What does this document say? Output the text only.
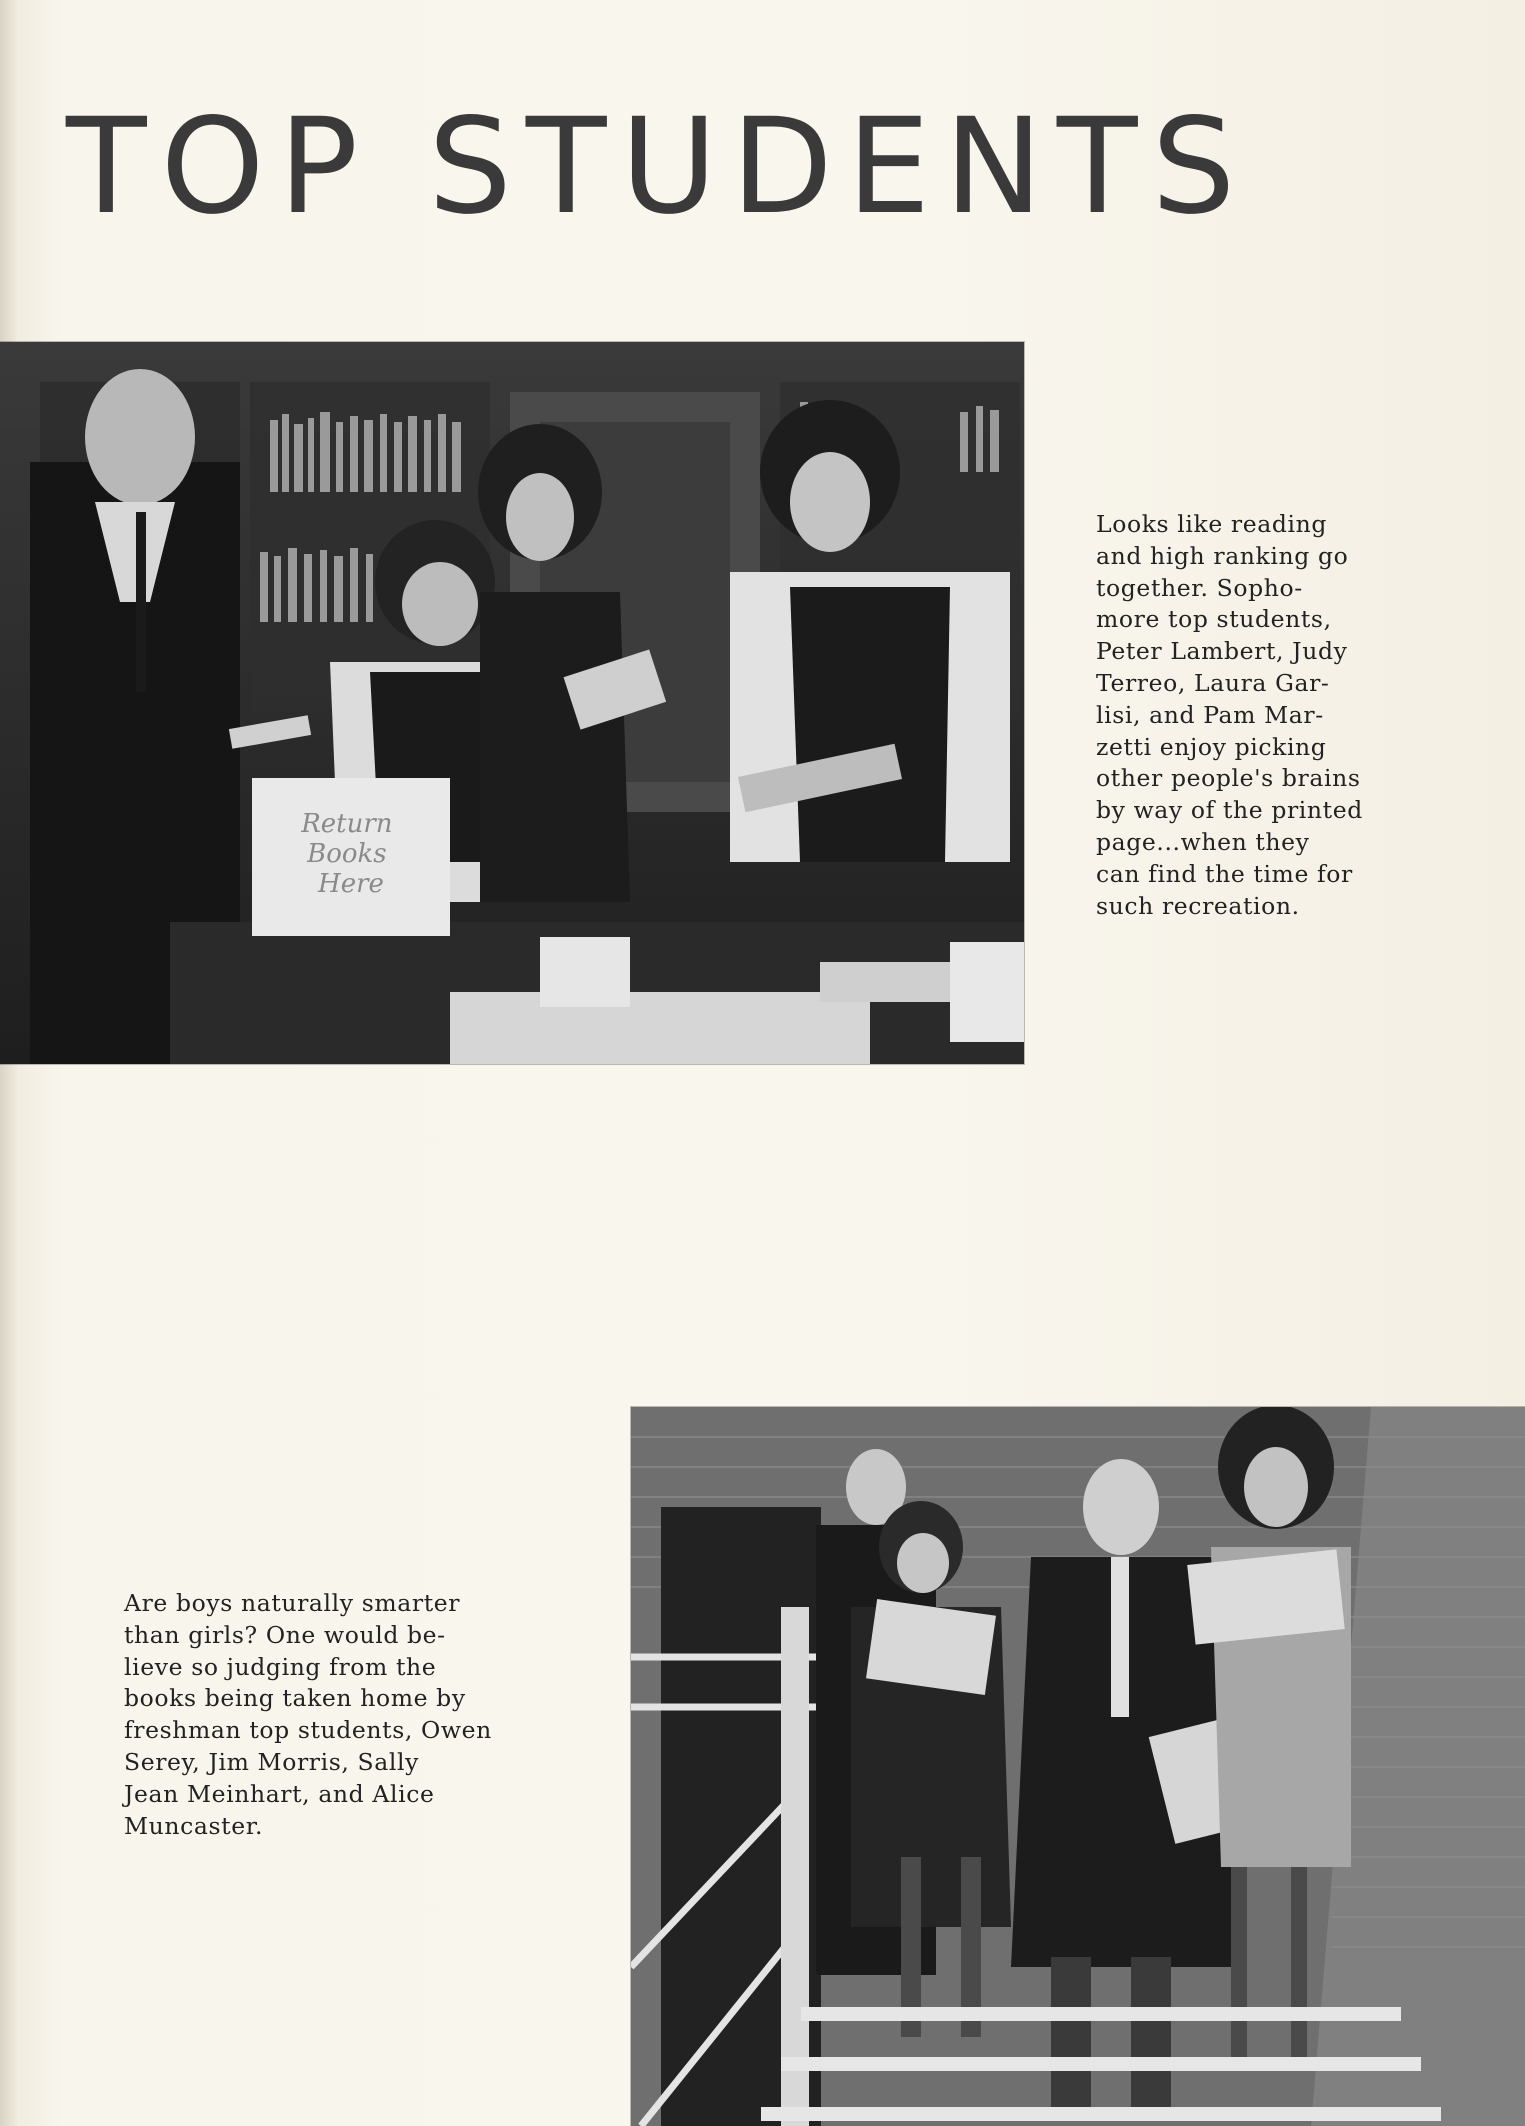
TOP STUDENTS
Return Books Here

Looks like reading
and high ranking go
together. Sopho-
more top students,
Peter Lambert, Judy
Terreo, Laura Gar-
lisi, and Pam Mar-
zetti enjoy picking
other people's brains
by way of the printed
page...when they
can find the time for
such recreation.

Are boys naturally smarter
than girls? One would be-
lieve so judging from the
books being taken home by
freshman top students, Owen
Serey, Jim Morris, Sally
Jean Meinhart, and Alice
Muncaster.
